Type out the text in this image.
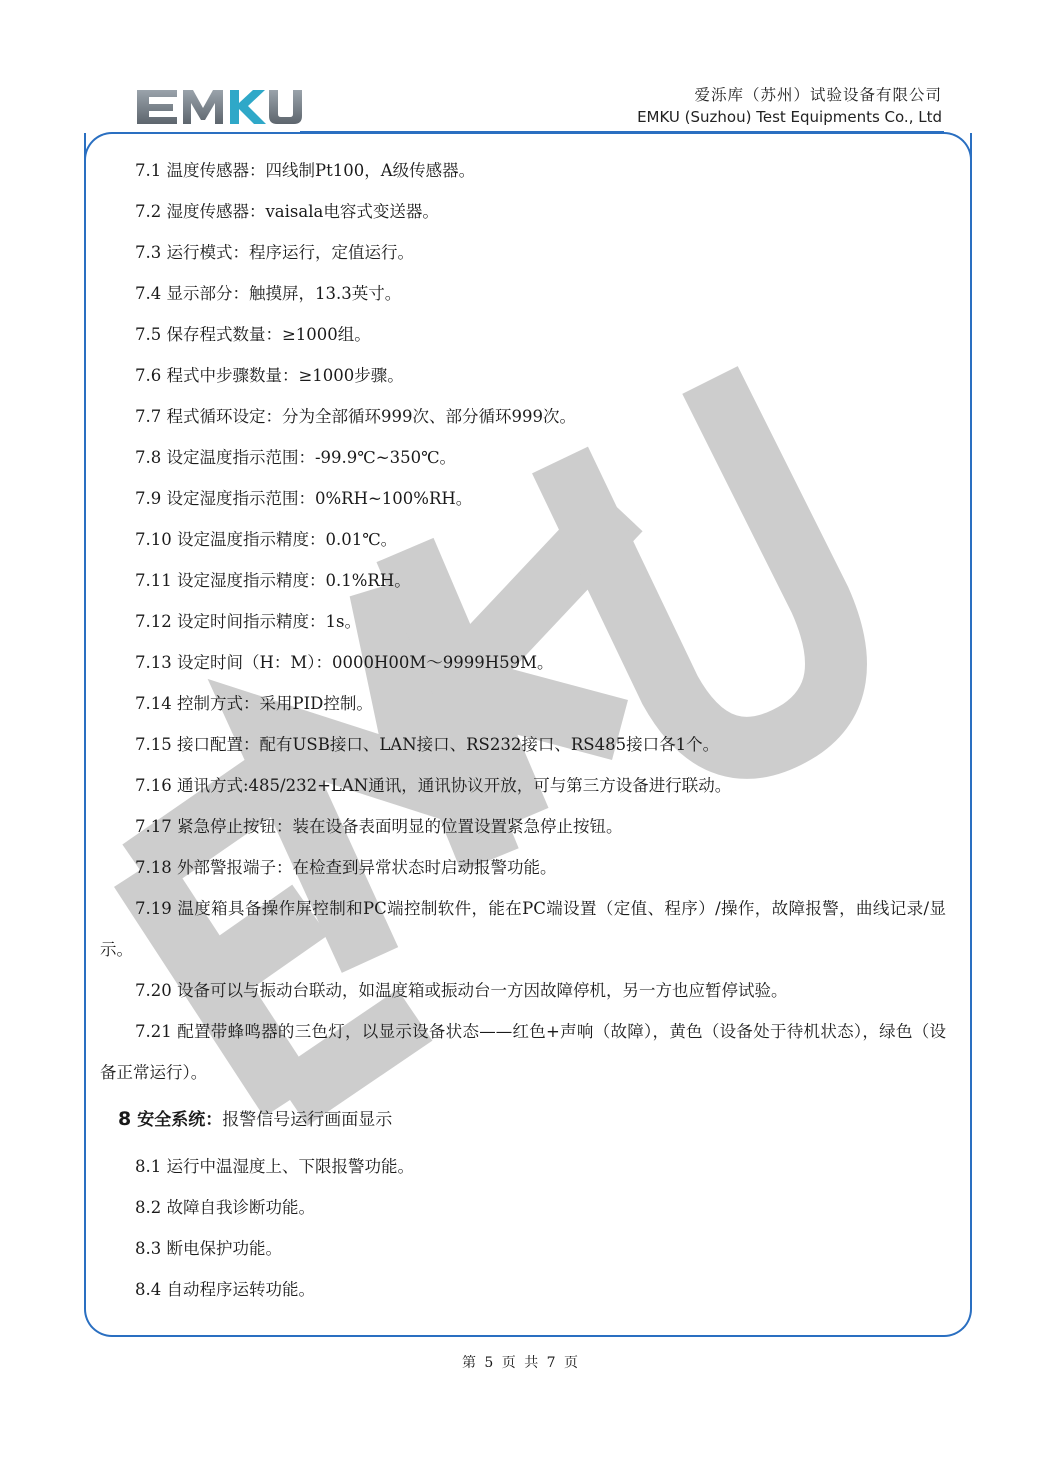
爱泺库（苏州）试验设备有限公司
EMKU (Suzhou) Test Equipments Co., Ltd

7.1 温度传感器：四线制Pt100，A级传感器。

7.2 湿度传感器：vaisala电容式变送器。

7.3 运行模式：程序运行，定值运行。

7.4 显示部分：触摸屏，13.3英寸。

7.5 保存程式数量：≥1000组。

7.6 程式中步骤数量：≥1000步骤。

7.7 程式循环设定：分为全部循环999次、部分循环999次。

7.8 设定温度指示范围：-99.9℃~350℃。

7.9 设定湿度指示范围：0%RH~100%RH。

7.10 设定温度指示精度：0.01℃。

7.11 设定湿度指示精度：0.1%RH。

7.12 设定时间指示精度：1s。

7.13 设定时间（H：M）：0000H00M～9999H59M。

7.14 控制方式：采用PID控制。

7.15 接口配置：配有USB接口、LAN接口、RS232接口、RS485接口各1个。

7.16 通讯方式:485/232+LAN通讯，通讯协议开放，可与第三方设备进行联动。

7.17 紧急停止按钮：装在设备表面明显的位置设置紧急停止按钮。

7.18 外部警报端子：在检查到异常状态时启动报警功能。

7.19 温度箱具备操作屏控制和PC端控制软件，能在PC端设置（定值、程序）/操作，故障报警，曲线记录/显示。

7.20 设备可以与振动台联动，如温度箱或振动台一方因故障停机，另一方也应暂停试验。

7.21 配置带蜂鸣器的三色灯，以显示设备状态——红色+声响（故障），黄色（设备处于待机状态），绿色（设备正常运行）。

8 安全系统：报警信号运行画面显示

8.1 运行中温湿度上、下限报警功能。

8.2 故障自我诊断功能。

8.3 断电保护功能。

8.4 自动程序运转功能。

第 5 页 共 7 页
